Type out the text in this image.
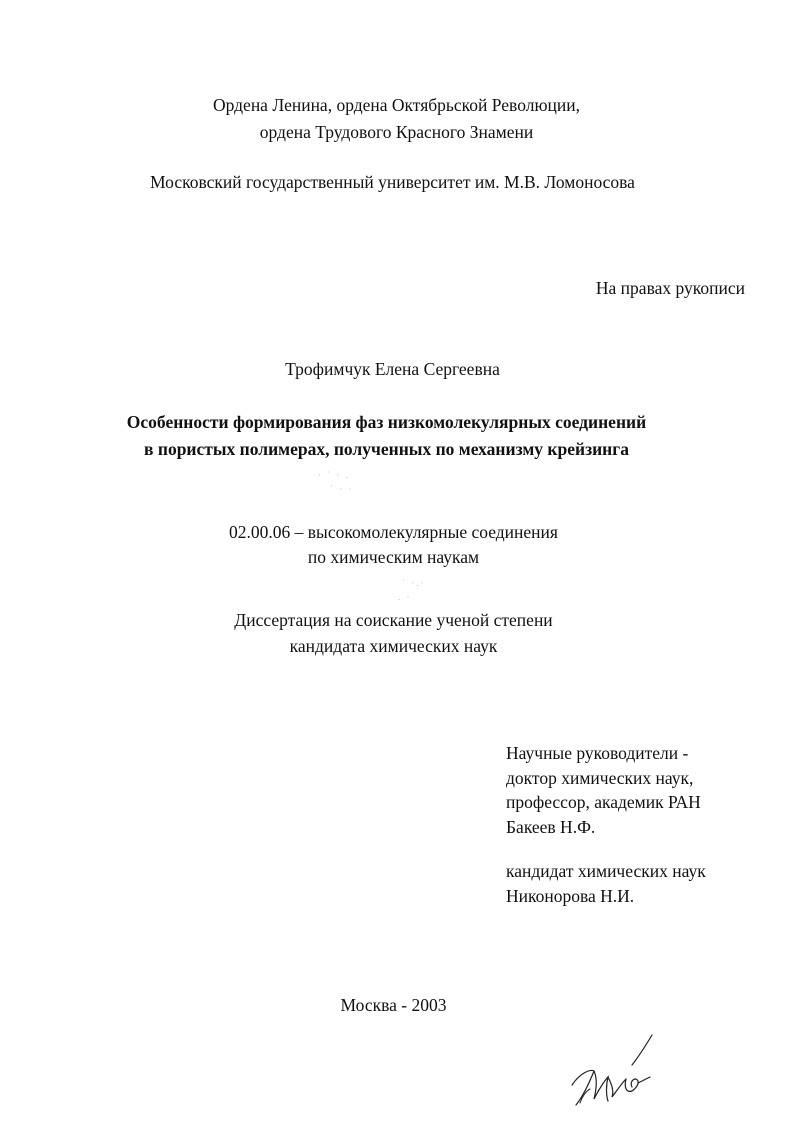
Ордена Ленина, ордена Октябрьской Революции,
ордена Трудового Красного Знамени
Московский государственный университет им. М.В. Ломоносова
На правах рукописи
Трофимчук Елена Сергеевна
Особенности формирования фаз низкомолекулярных соединений
в пористых полимерах, полученных по механизму крейзинга
· ˙ · .
˙ · ·
02.00.06 – высокомолекулярные соединения
по химическим наукам
˙ ·.·
. ·
Диссертация на соискание ученой степени
кандидата химических наук
Научные руководители -
доктор химических наук,
профессор, академик РАН
Бакеев Н.Ф.
кандидат химических наук
Никонорова Н.И.
Москва - 2003
